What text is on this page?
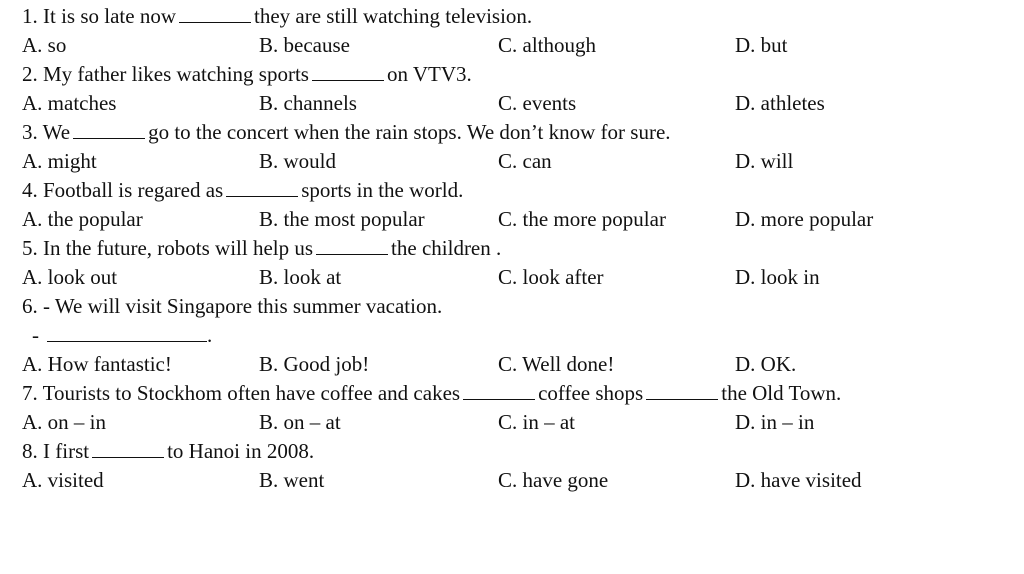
1. It is so late now	they are still watching television.
A. so	B. because	C. although	D. but
2. My father likes watching sports	on VTV3.
A. matches	B. channels	C. events	D. athletes
3. We	go to the concert when the rain stops. We don’t know for sure.
A. might	B. would	C. can	D. will
4. Football is regared as	sports in the world.
A. the popular	B. the most popular	C. the more popular	D. more popular
5. In the future, robots will help us	the children .
A. look out	B. look at	C. look after	D. look in
6. - We will visit Singapore this summer vacation.
-	.
A. How fantastic!	B. Good job!	C. Well done!	D. OK.
7. Tourists to Stockhom often have coffee and cakes	coffee shops	the Old Town.
A. on – in	B. on – at	C. in – at	D. in – in
8. I first	to Hanoi in 2008.
A. visited	B. went	C. have gone	D. have visited
